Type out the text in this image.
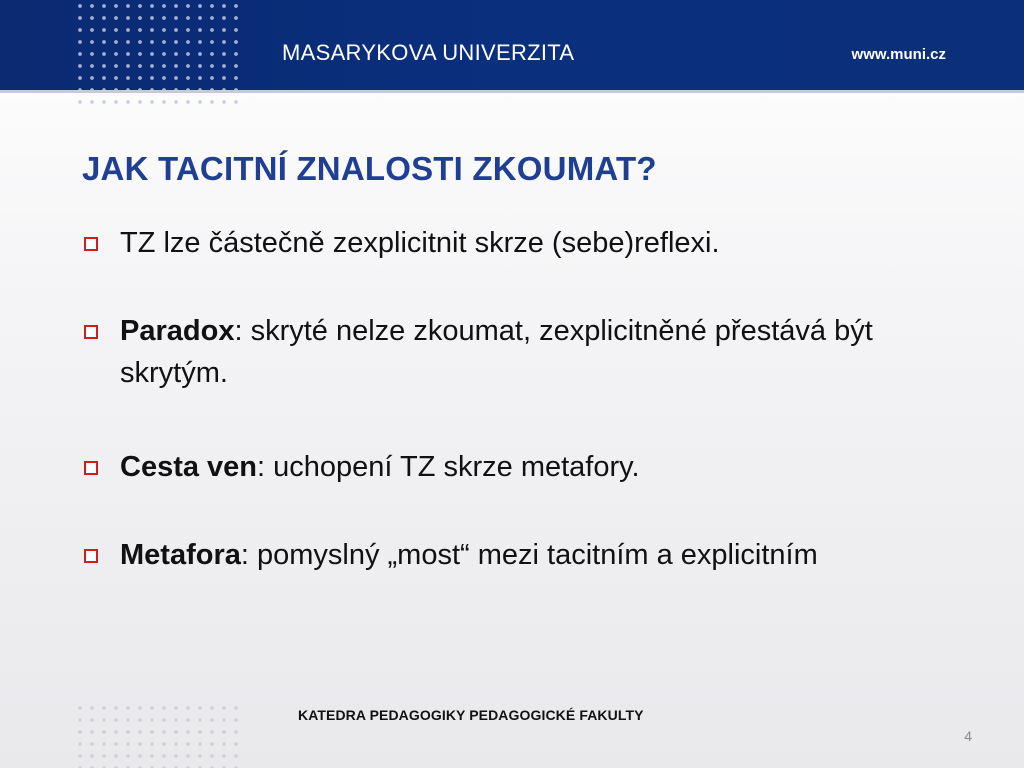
MASARYKOVA UNIVERZITA	www.muni.cz
JAK TACITNÍ ZNALOSTI ZKOUMAT?
TZ lze částečně zexplicitnit skrze (sebe)reflexi.
Paradox: skryté nelze zkoumat, zexplicitněné přestává být skrytým.
Cesta ven: uchopení TZ skrze metafory.
Metafora: pomyslný „most“ mezi tacitním a explicitním
KATEDRA PEDAGOGIKY PEDAGOGICKÉ FAKULTY
4
